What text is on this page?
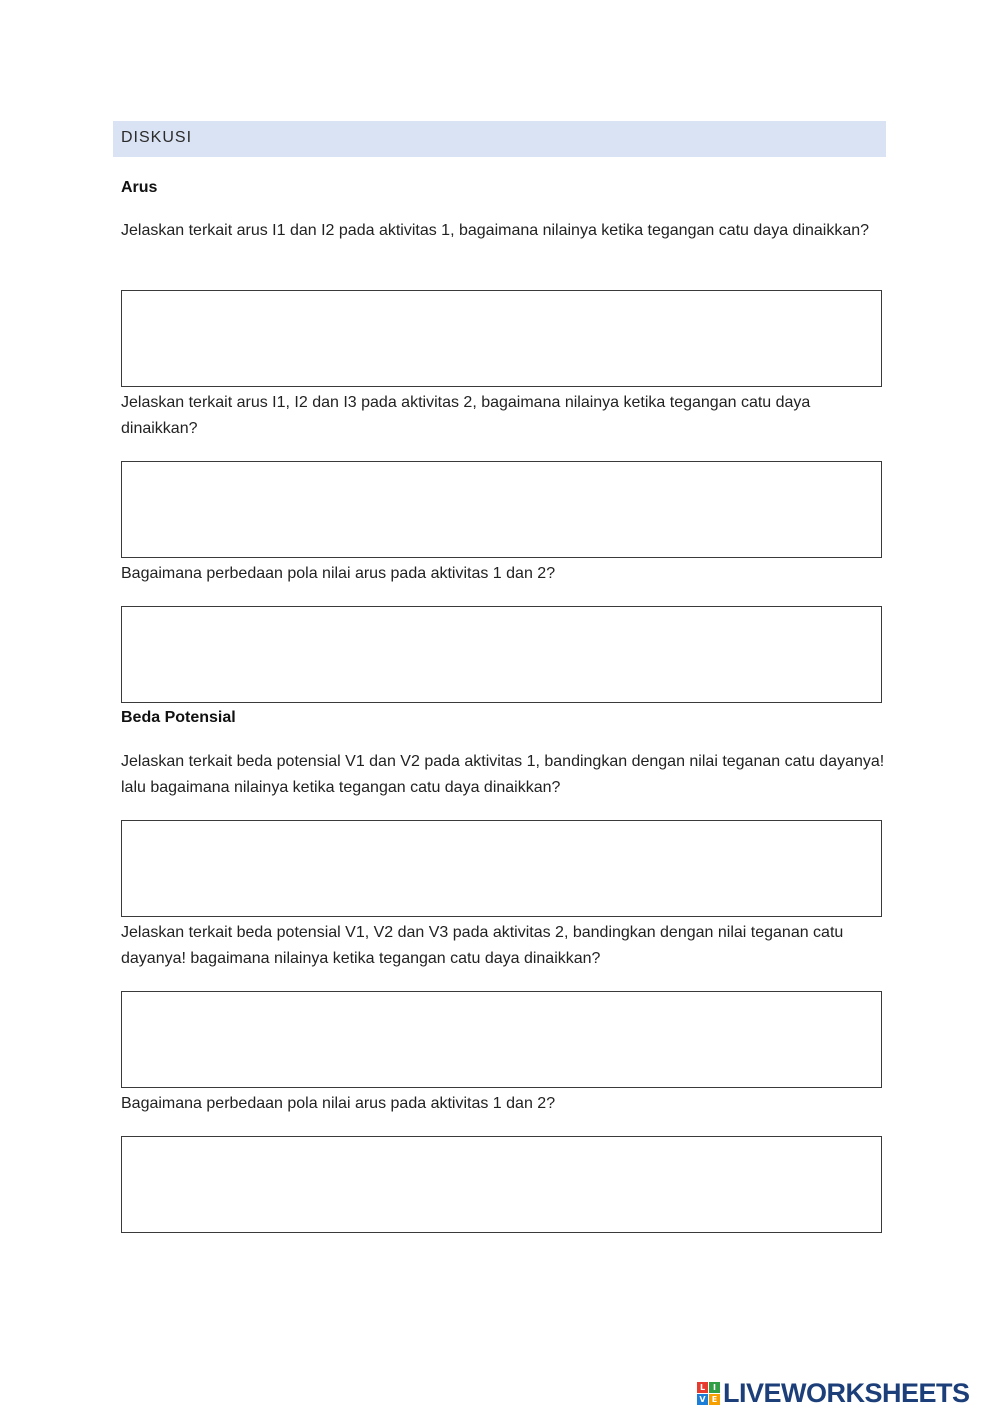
DISKUSI
Arus
Jelaskan terkait arus I1 dan I2 pada aktivitas 1, bagaimana nilainya ketika tegangan catu daya dinaikkan?
Jelaskan terkait arus I1, I2 dan I3 pada aktivitas 2, bagaimana nilainya ketika tegangan catu daya dinaikkan?
Bagaimana perbedaan pola nilai arus pada aktivitas 1 dan 2?
Beda Potensial
Jelaskan terkait beda potensial V1 dan V2 pada aktivitas 1, bandingkan dengan nilai teganan catu dayanya! lalu bagaimana nilainya ketika tegangan catu daya dinaikkan?
Jelaskan terkait beda potensial V1, V2 dan V3 pada aktivitas 2, bandingkan dengan nilai teganan catu dayanya! bagaimana nilainya ketika tegangan catu daya dinaikkan?
Bagaimana perbedaan pola nilai arus pada aktivitas 1 dan 2?
L I
V E LIVEWORKSHEETS
